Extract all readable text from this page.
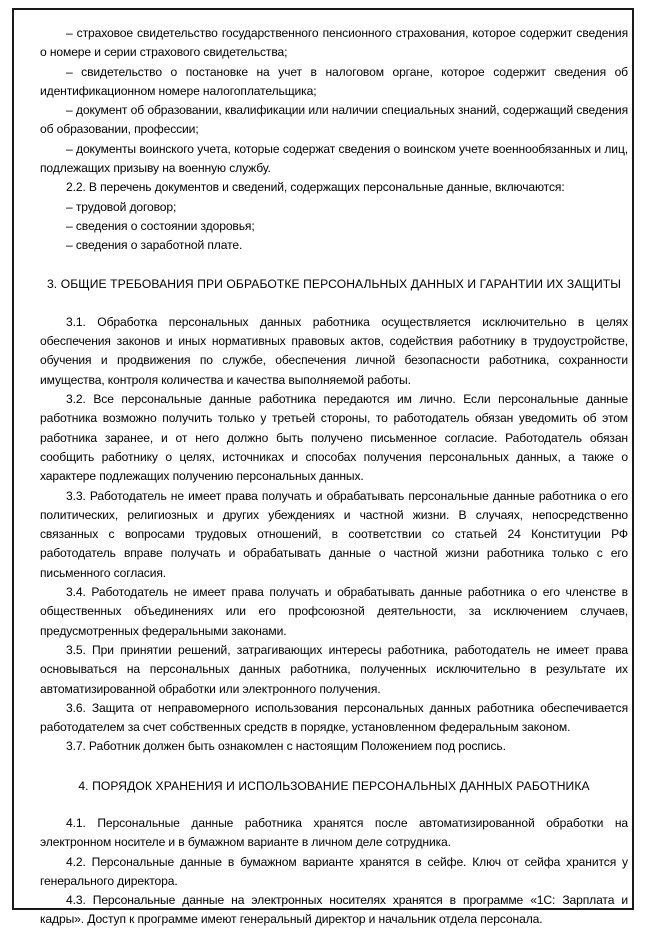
– страховое свидетельство государственного пенсионного страхования, которое содержит сведения о номере и серии страхового свидетельства;

– свидетельство о постановке на учет в налоговом органе, которое содержит сведения об идентификационном номере налогоплательщика;

– документ об образовании, квалификации или наличии специальных знаний, содержащий сведения об образовании, профессии;

– документы воинского учета, которые содержат сведения о воинском учете военнообязанных и лиц, подлежащих призыву на военную службу.

2.2. В перечень документов и сведений, содержащих персональные данные, включаются:

– трудовой договор;

– сведения о состоянии здоровья;

– сведения о заработной плате.

3. ОБЩИЕ ТРЕБОВАНИЯ ПРИ ОБРАБОТКЕ ПЕРСОНАЛЬНЫХ ДАННЫХ И ГАРАНТИИ ИХ ЗАЩИТЫ

3.1. Обработка персональных данных работника осуществляется исключительно в целях обеспечения законов и иных нормативных правовых актов, содействия работнику в трудоустройстве, обучения и продвижения по службе, обеспечения личной безопасности работника, сохранности имущества, контроля количества и качества выполняемой работы.

3.2. Все персональные данные работника передаются им лично. Если персональные данные работника возможно получить только у третьей стороны, то работодатель обязан уведомить об этом работника заранее, и от него должно быть получено письменное согласие. Работодатель обязан сообщить работнику о целях, источниках и способах получения персональных данных, а также о характере подлежащих получению персональных данных.

3.3. Работодатель не имеет права получать и обрабатывать персональные данные работника о его политических, религиозных и других убеждениях и частной жизни. В случаях, непосредственно связанных с вопросами трудовых отношений, в соответствии со статьей 24 Конституции РФ работодатель вправе получать и обрабатывать данные о частной жизни работника только с его письменного согласия.

3.4. Работодатель не имеет права получать и обрабатывать данные работника о его членстве в общественных объединениях или его профсоюзной деятельности, за исключением случаев, предусмотренных федеральными законами.

3.5. При принятии решений, затрагивающих интересы работника, работодатель не имеет права основываться на персональных данных работника, полученных исключительно в результате их автоматизированной обработки или электронного получения.

3.6. Защита от неправомерного использования персональных данных работника обеспечивается работодателем за счет собственных средств в порядке, установленном федеральным законом.

3.7. Работник должен быть ознакомлен с настоящим Положением под роспись.

4. ПОРЯДОК ХРАНЕНИЯ И ИСПОЛЬЗОВАНИЕ ПЕРСОНАЛЬНЫХ ДАННЫХ РАБОТНИКА

4.1. Персональные данные работника хранятся после автоматизированной обработки на электронном носителе и в бумажном варианте в личном деле сотрудника.

4.2. Персональные данные в бумажном варианте хранятся в сейфе. Ключ от сейфа хранится у генерального директора.

4.3. Персональные данные на электронных носителях хранятся в программе «1С: Зарплата и кадры». Доступ к программе имеют генеральный директор и начальник отдела персонала.
